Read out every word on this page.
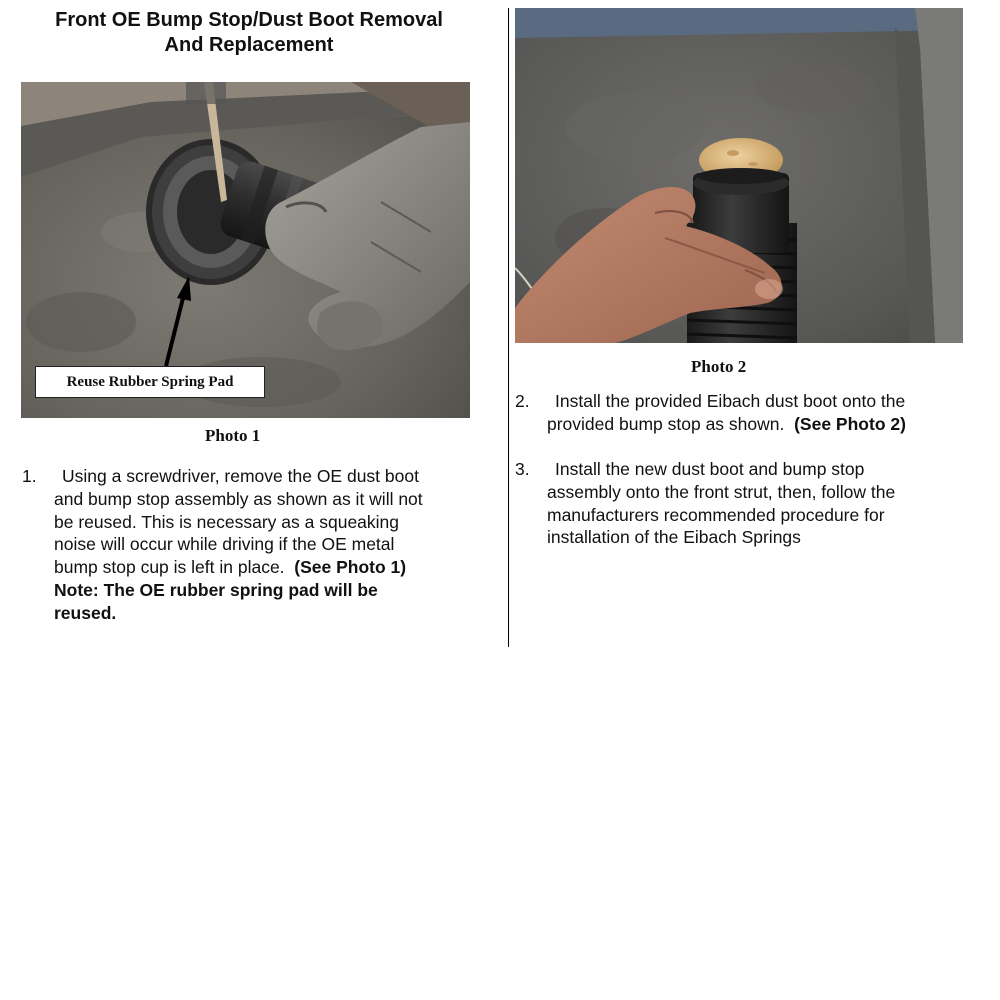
Front OE Bump Stop/Dust Boot Removal
And Replacement
Reuse Rubber Spring Pad
Photo 1
Photo 2
1. Using a screwdriver, remove the OE dust boot
and bump stop assembly as shown as it will not
be reused. This is necessary as a squeaking
noise will occur while driving if the OE metal
bump stop cup is left in place. (See Photo 1)
Note: The OE rubber spring pad will be
reused.
2. Install the provided Eibach dust boot onto the
provided bump stop as shown. (See Photo 2)
3. Install the new dust boot and bump stop
assembly onto the front strut, then, follow the
manufacturers recommended procedure for
installation of the Eibach Springs
